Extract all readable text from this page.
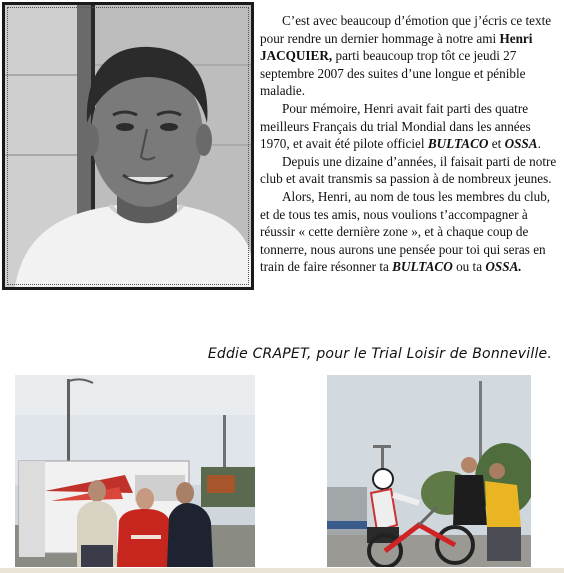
C’est avec beaucoup d’émotion que j’écris ce texte pour rendre un dernier hommage à notre ami Henri JACQUIER, parti beaucoup trop tôt ce jeudi 27 septembre 2007 des suites d’une longue et pénible maladie.

Pour mémoire, Henri avait fait parti des quatre meilleurs Français du trial Mondial dans les années 1970, et avait été pilote officiel BULTACO et OSSA.

Depuis une dizaine d’années, il faisait parti de notre club et avait transmis sa passion à de nombreux jeunes.

Alors, Henri, au nom de tous les membres du club, et de tous tes amis, nous voulions t’accompagner à réussir « cette dernière zone », et à chaque coup de tonnerre, nous aurons une pensée pour toi qui seras en train de faire résonner ta BULTACO ou ta OSSA.

Eddie CRAPET, pour le Trial Loisir de Bonneville.
